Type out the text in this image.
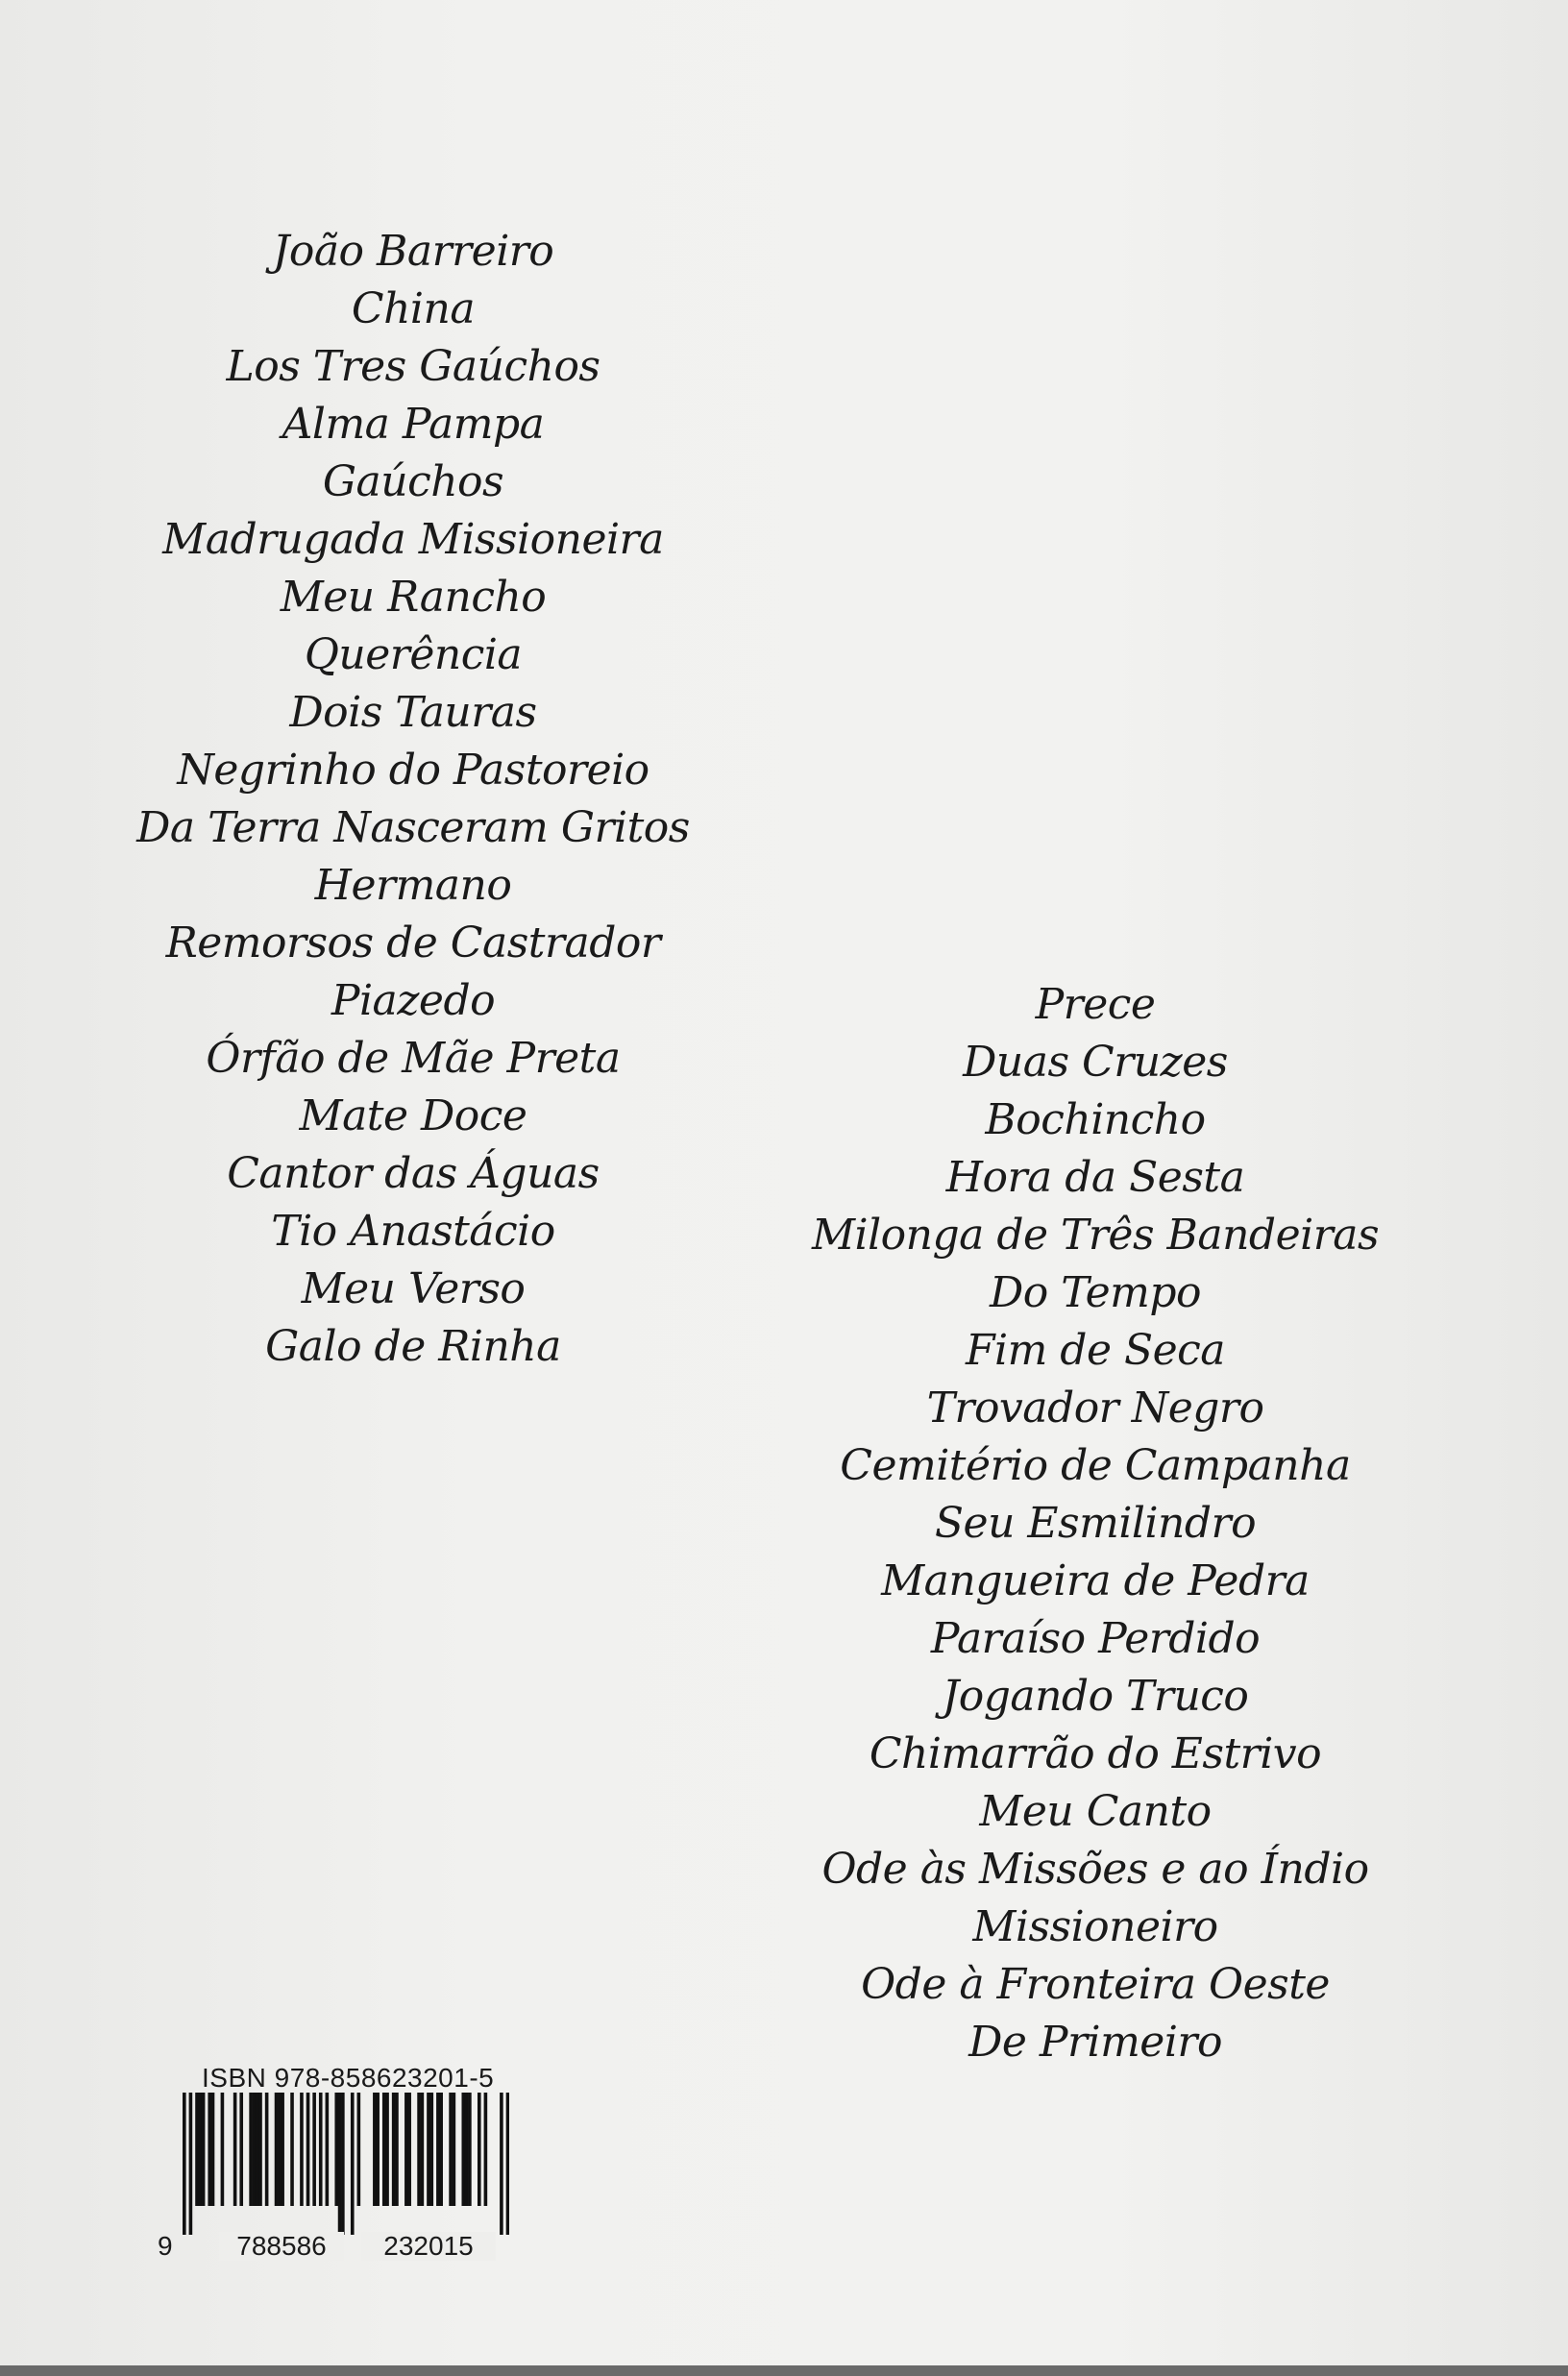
João Barreiro
China
Los Tres Gaúchos
Alma Pampa
Gaúchos
Madrugada Missioneira
Meu Rancho
Querência
Dois Tauras
Negrinho do Pastoreio
Da Terra Nasceram Gritos
Hermano
Remorsos de Castrador
Piazedo
Órfão de Mãe Preta
Mate Doce
Cantor das Águas
Tio Anastácio
Meu Verso
Galo de Rinha
Prece
Duas Cruzes
Bochincho
Hora da Sesta
Milonga de Três Bandeiras
Do Tempo
Fim de Seca
Trovador Negro
Cemitério de Campanha
Seu Esmilindro
Mangueira de Pedra
Paraíso Perdido
Jogando Truco
Chimarrão do Estrivo
Meu Canto
Ode às Missões e ao Índio
Missioneiro
Ode à Fronteira Oeste
De Primeiro
ISBN 978-858623201-5
9	788586	232015
